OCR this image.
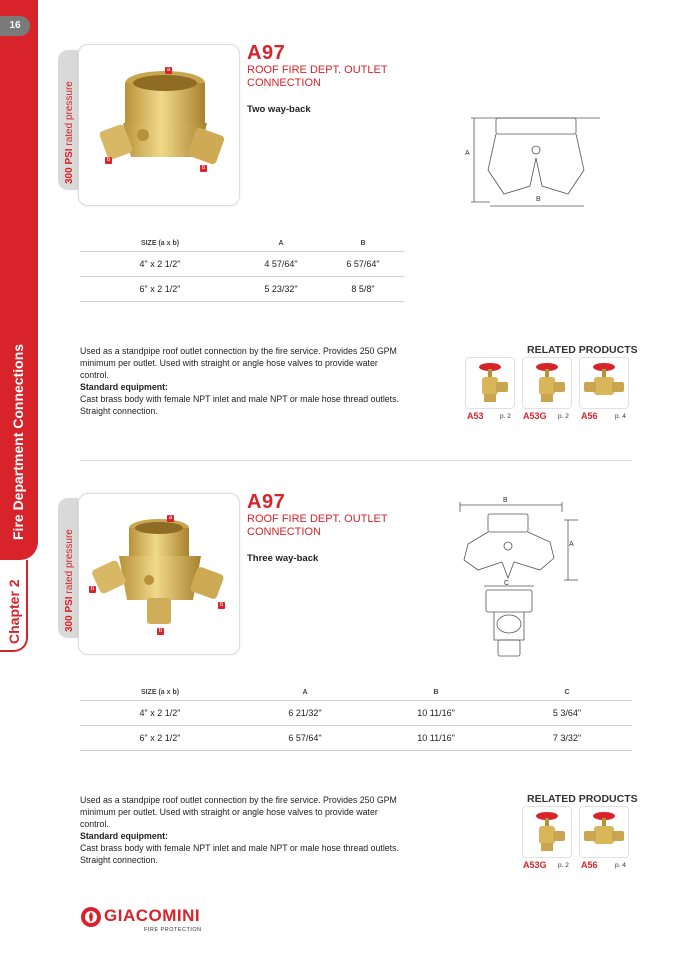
16
Fire Department Connections
Chapter 2
300 PSI rated pressure
a
b
b
A97
ROOF FIRE DEPT. OUTLET CONNECTION
Two way-back
A
B
SIZE (a x b)	A	B
4" x 2 1/2"	4 57/64"	6 57/64"
6" x 2 1/2"	5 23/32"	8 5/8"
Used as a standpipe roof outlet connection by the fire service. Provides 250 GPM minimum per outlet. Used with straight or angle hose valves to provide water control.
Standard equipment:
Cast brass body with female NPT inlet and male NPT or male hose thread outlets. Straight connection.
RELATED PRODUCTS
A53	p. 2 A53G p. 2 A56	p. 4
300 PSI rated pressure
a
b
b
b
A97
ROOF FIRE DEPT. OUTLET CONNECTION
Three way-back
B
A
C
SIZE (a x b)	A	B	C
4" x 2 1/2"	6 21/32"	10 11/16"	5 3/64"
6" x 2 1/2"	6 57/64"	10 11/16"	7 3/32"
Used as a standpipe roof outlet connection by the fire service. Provides 250 GPM minimum per outlet. Used with straight or angle hose valves to provide water control.
Standard equipment:
Cast brass body with female NPT inlet and male NPT or male hose thread outlets. Straight connection.
RELATED PRODUCTS
A53G p. 2 A56	p. 4
GIACOMINI
FIRE PROTECTION
